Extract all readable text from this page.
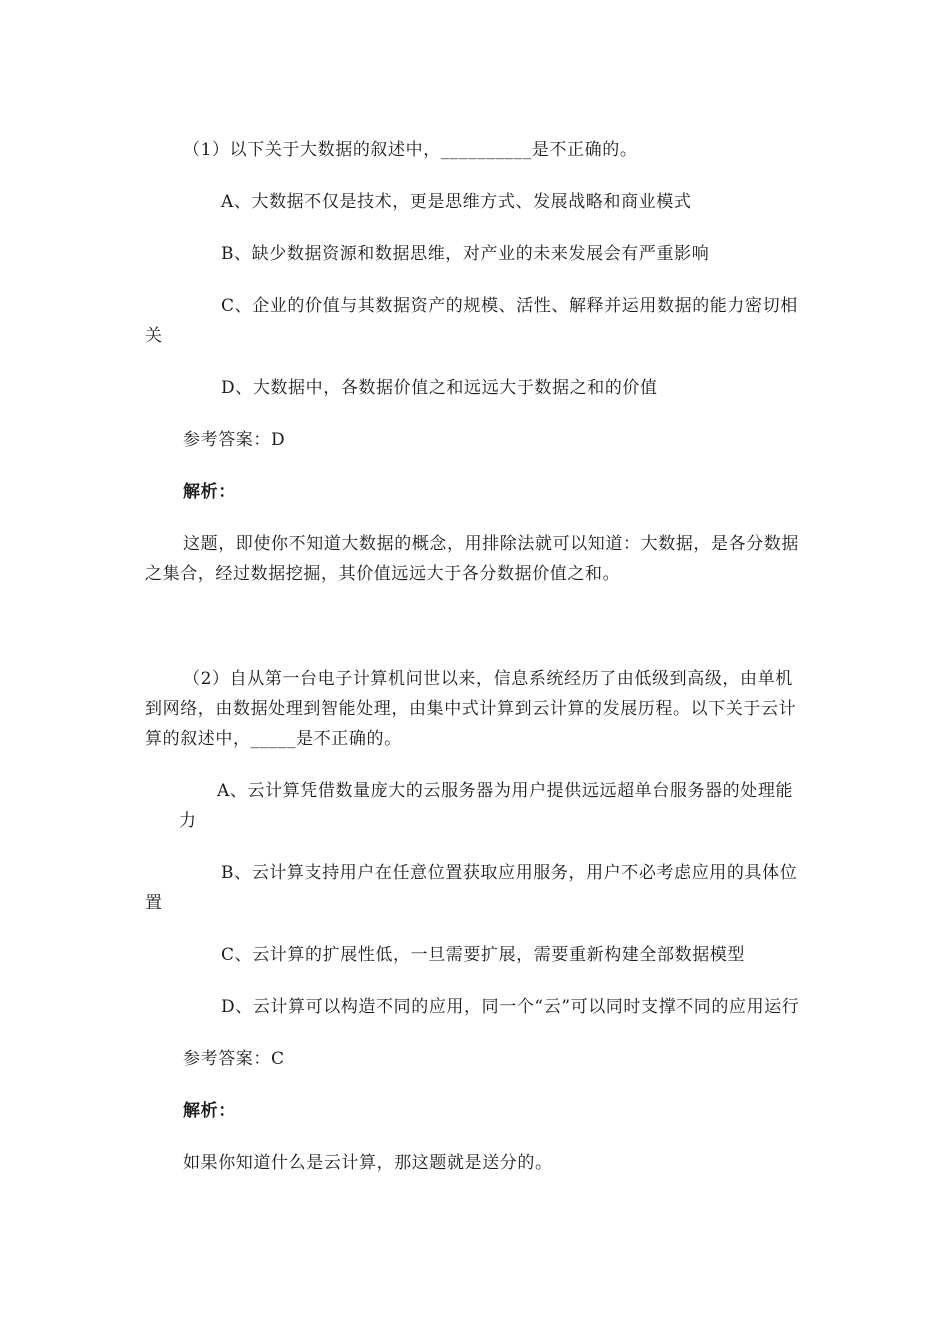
（1）以下关于大数据的叙述中，__________是不正确的。

A、大数据不仅是技术，更是思维方式、发展战略和商业模式

B、缺少数据资源和数据思维，对产业的未来发展会有严重影响

C、企业的价值与其数据资产的规模、活性、解释并运用数据的能力密切相关

D、大数据中，各数据价值之和远远大于数据之和的价值

参考答案：D

解析：

这题，即使你不知道大数据的概念，用排除法就可以知道：大数据，是各分数据之集合，经过数据挖掘，其价值远远大于各分数据价值之和。

（2）自从第一台电子计算机问世以来，信息系统经历了由低级到高级，由单机到网络，由数据处理到智能处理，由集中式计算到云计算的发展历程。以下关于云计算的叙述中，_____是不正确的。

A、云计算凭借数量庞大的云服务器为用户提供远远超单台服务器的处理能力

B、云计算支持用户在任意位置获取应用服务，用户不必考虑应用的具体位置

C、云计算的扩展性低，一旦需要扩展，需要重新构建全部数据模型

D、云计算可以构造不同的应用，同一个“云”可以同时支撑不同的应用运行

参考答案：C

解析：

如果你知道什么是云计算，那这题就是送分的。
